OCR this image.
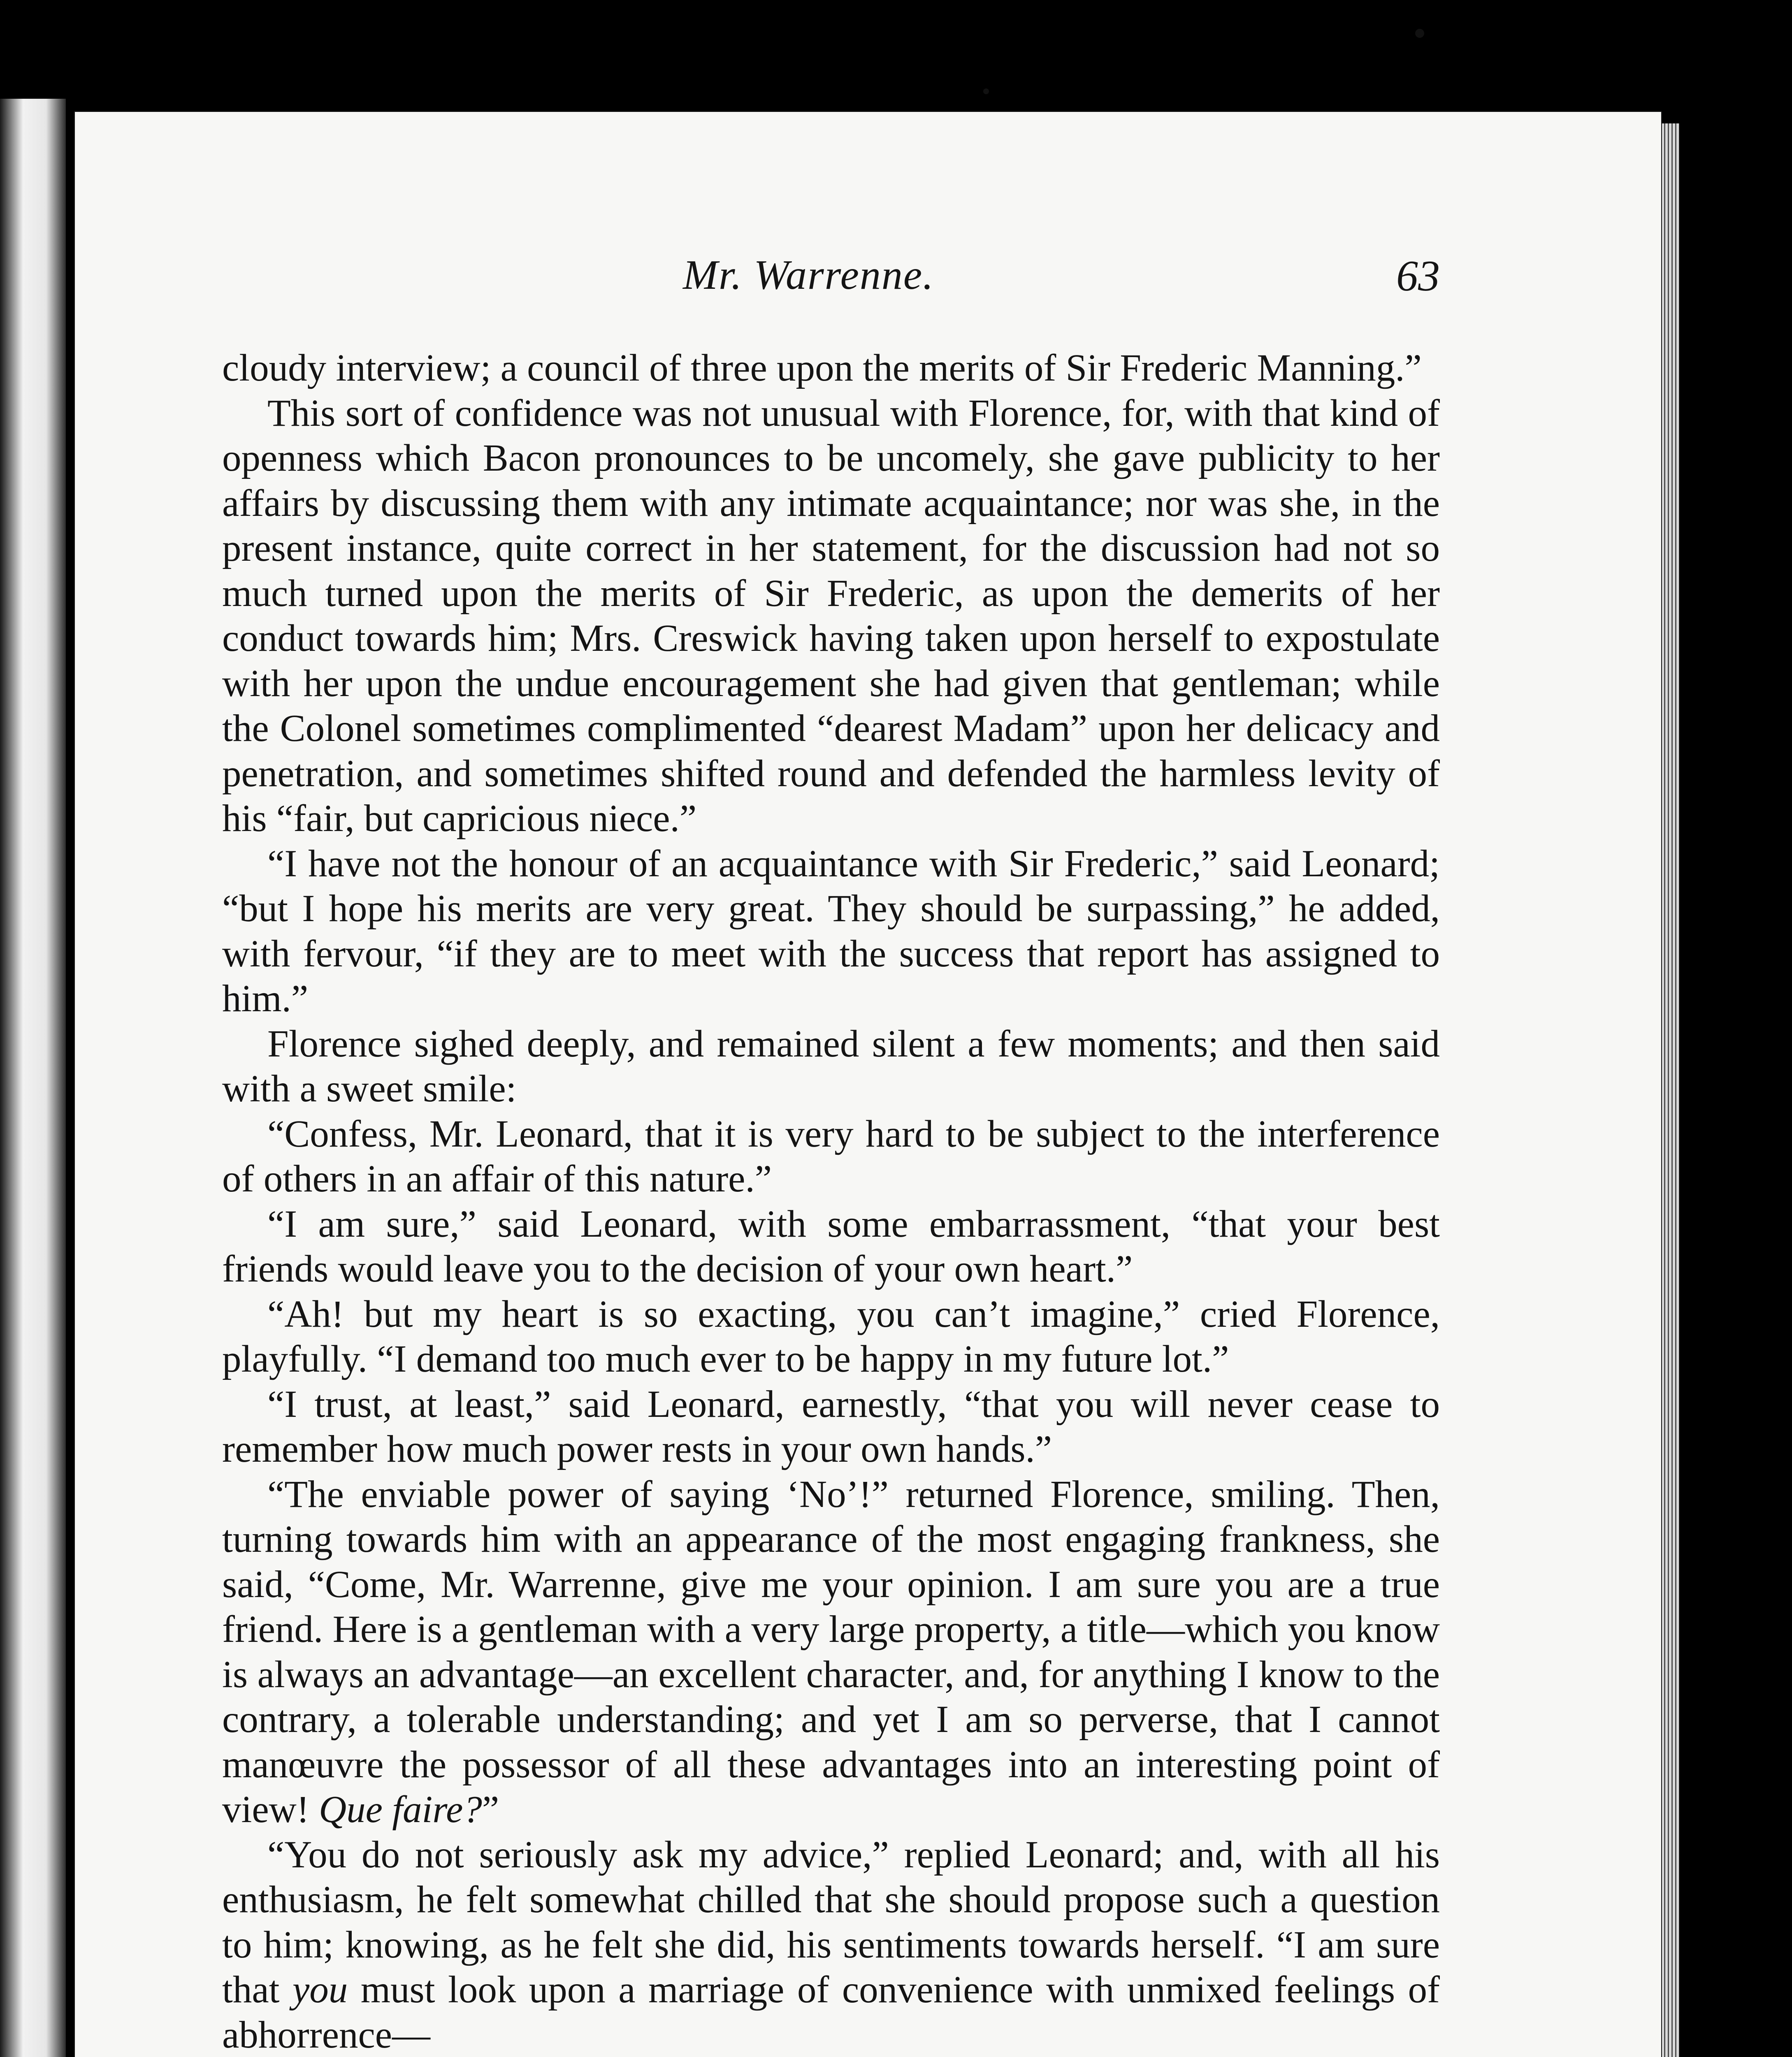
Mr. Warrenne.	63

cloudy interview; a council of three upon the merits of Sir Frederic Manning.”

This sort of confidence was not unusual with Florence, for, with that kind of openness which Bacon pronounces to be uncomely, she gave publicity to her affairs by discussing them with any intimate acquaintance; nor was she, in the present instance, quite correct in her statement, for the discussion had not so much turned upon the merits of Sir Frederic, as upon the demerits of her conduct towards him; Mrs. Creswick having taken upon herself to expostulate with her upon the undue encouragement she had given that gentleman; while the Colonel sometimes complimented “dearest Madam” upon her delicacy and penetration, and sometimes shifted round and defended the harmless levity of his “fair, but capricious niece.”

“I have not the honour of an acquaintance with Sir Frederic,” said Leonard; “but I hope his merits are very great. They should be surpassing,” he added, with fervour, “if they are to meet with the success that report has assigned to him.”

Florence sighed deeply, and remained silent a few moments; and then said with a sweet smile:

“Confess, Mr. Leonard, that it is very hard to be subject to the interference of others in an affair of this nature.”

“I am sure,” said Leonard, with some embarrassment, “that your best friends would leave you to the decision of your own heart.”

“Ah! but my heart is so exacting, you can’t imagine,” cried Florence, playfully. “I demand too much ever to be happy in my future lot.”

“I trust, at least,” said Leonard, earnestly, “that you will never cease to remember how much power rests in your own hands.”

“The enviable power of saying ‘No’!” returned Florence, smiling. Then, turning towards him with an appearance of the most engaging frankness, she said, “Come, Mr. Warrenne, give me your opinion. I am sure you are a true friend. Here is a gentleman with a very large property, a title—which you know is always an advantage—an excellent character, and, for anything I know to the contrary, a tolerable understanding; and yet I am so perverse, that I cannot manœuvre the possessor of all these advantages into an interesting point of view! Que faire?”

“You do not seriously ask my advice,” replied Leonard; and, with all his enthusiasm, he felt somewhat chilled that she should propose such a question to him; knowing, as he felt she did, his sentiments towards herself. “I am sure that you must look upon a marriage of convenience with unmixed feelings of abhorrence—
